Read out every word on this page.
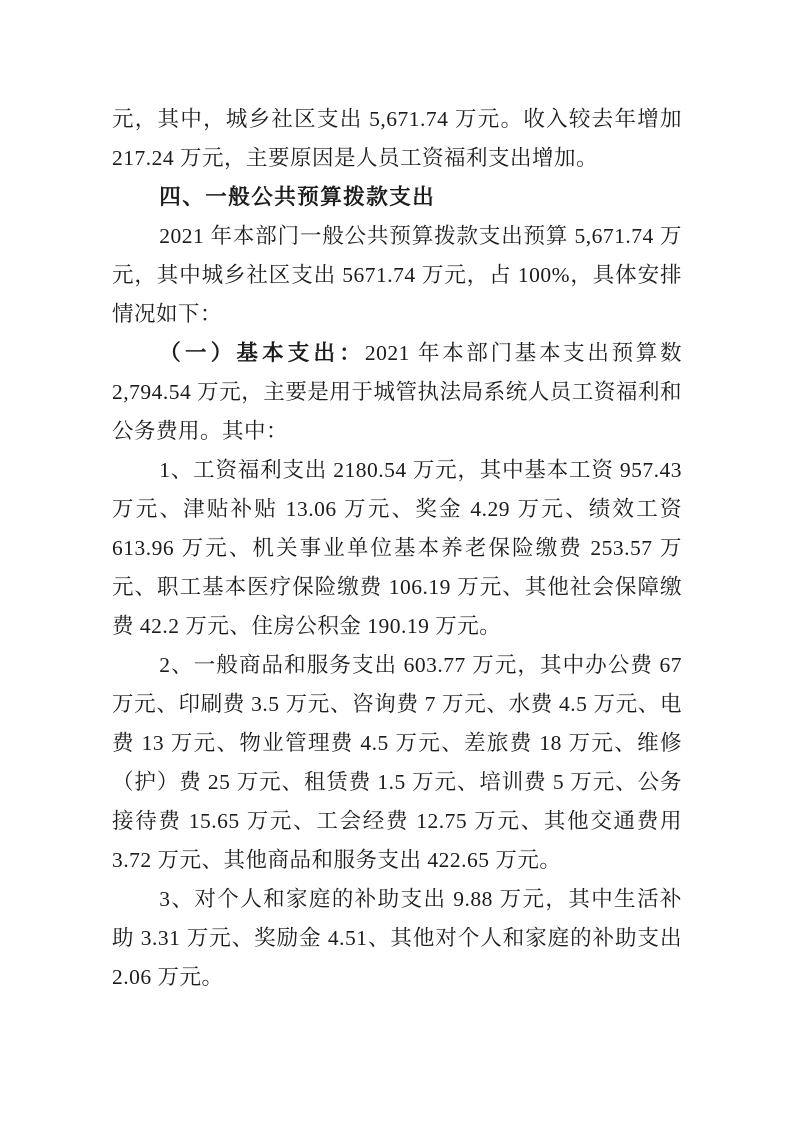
元，其中，城乡社区支出 5,671.74 万元。收入较去年增加 217.24 万元，主要原因是人员工资福利支出增加。

四、一般公共预算拨款支出

2021 年本部门一般公共预算拨款支出预算 5,671.74 万元，其中城乡社区支出 5671.74 万元，占 100%，具体安排情况如下：

（一）基本支出：2021 年本部门基本支出预算数 2,794.54 万元，主要是用于城管执法局系统人员工资福利和公务费用。其中：

1、工资福利支出 2180.54 万元，其中基本工资 957.43 万元、津贴补贴 13.06 万元、奖金 4.29 万元、绩效工资 613.96 万元、机关事业单位基本养老保险缴费 253.57 万元、职工基本医疗保险缴费 106.19 万元、其他社会保障缴费 42.2 万元、住房公积金 190.19 万元。

2、一般商品和服务支出 603.77 万元，其中办公费 67 万元、印刷费 3.5 万元、咨询费 7 万元、水费 4.5 万元、电费 13 万元、物业管理费 4.5 万元、差旅费 18 万元、维修（护）费 25 万元、租赁费 1.5 万元、培训费 5 万元、公务接待费 15.65 万元、工会经费 12.75 万元、其他交通费用 3.72 万元、其他商品和服务支出 422.65 万元。

3、对个人和家庭的补助支出 9.88 万元，其中生活补助 3.31 万元、奖励金 4.51、其他对个人和家庭的补助支出 2.06 万元。
